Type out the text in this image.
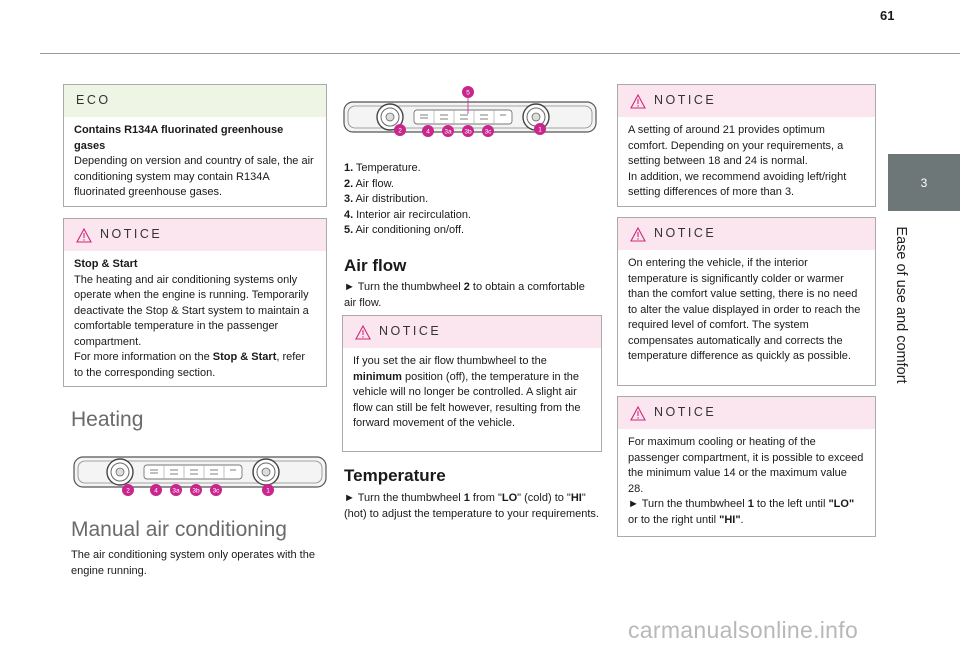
61
3
Ease of use and comfort
ECO

Contains R134A fluorinated greenhouse gases

Depending on version and country of sale, the air conditioning system may contain R134A fluorinated greenhouse gases.

NOTICE

Stop & Start

The heating and air conditioning systems only operate when the engine is running. Temporarily deactivate the Stop & Start system to maintain a comfortable temperature in the passenger compartment.

For more information on the Stop & Start, refer to the corresponding section.

Heating
2	4 3a 3b 3c	1
Manual air conditioning
The air conditioning system only operates with the engine running.
5
2	4 3a 3b 3c	1
1. Temperature.
2. Air flow.
3. Air distribution.
4. Interior air recirculation.
5. Air conditioning on/off.
Air flow
► Turn the thumbwheel 2 to obtain a comfortable air flow.
NOTICE
If you set the air flow thumbwheel to the minimum position (off), the temperature in the vehicle will no longer be controlled. A slight air flow can still be felt however, resulting from the forward movement of the vehicle.
Temperature
► Turn the thumbwheel 1 from "LO" (cold) to "HI" (hot) to adjust the temperature to your requirements.
NOTICE

A setting of around 21 provides optimum comfort. Depending on your requirements, a setting between 18 and 24 is normal.

In addition, we recommend avoiding left/right setting differences of more than 3.

NOTICE

On entering the vehicle, if the interior temperature is significantly colder or warmer than the comfort value setting, there is no need to alter the value displayed in order to reach the required level of comfort. The system compensates automatically and corrects the temperature difference as quickly as possible.

NOTICE

For maximum cooling or heating of the passenger compartment, it is possible to exceed the minimum value 14 or the maximum value 28.

► Turn the thumbwheel 1 to the left until "LO" or to the right until "HI".

carmanualsonline.info
